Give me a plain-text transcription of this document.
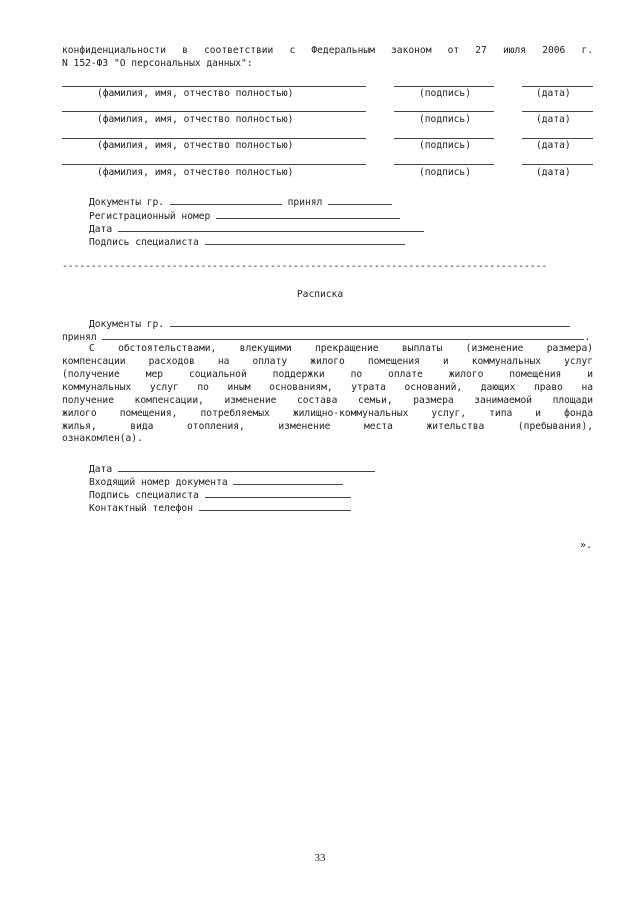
конфиденциальности в соответствии с Федеральным законом от 27 июля 2006 г.
N 152-ФЗ "О персональных данных":
(фамилия, имя, отчество полностью)	(подпись)	(дата)
(фамилия, имя, отчество полностью)	(подпись)	(дата)
(фамилия, имя, отчество полностью)	(подпись)	(дата)
(фамилия, имя, отчество полностью)	(подпись)	(дата)
Документы гр.	принял
Регистрационный номер
Дата
Подпись специалиста
------------------------------------------------------------------------------------
Расписка
Документы гр.
принял	.
С обстоятельствами, влекущими прекращение выплаты (изменение размера)
компенсации расходов на оплату жилого помещения и коммунальных услуг
(получение мер социальной поддержки по оплате жилого помещения и
коммунальных услуг по иным основаниям, утрата оснований, дающих право на
получение компенсации, изменение состава семьи, размера занимаемой площади
жилого помещения, потребляемых жилищно-коммунальных услуг, типа и фонда
жилья, вида отопления, изменение места жительства (пребывания),
ознакомлен(а).
Дата
Входящий номер документа
Подпись специалиста
Контактный телефон
».
33
